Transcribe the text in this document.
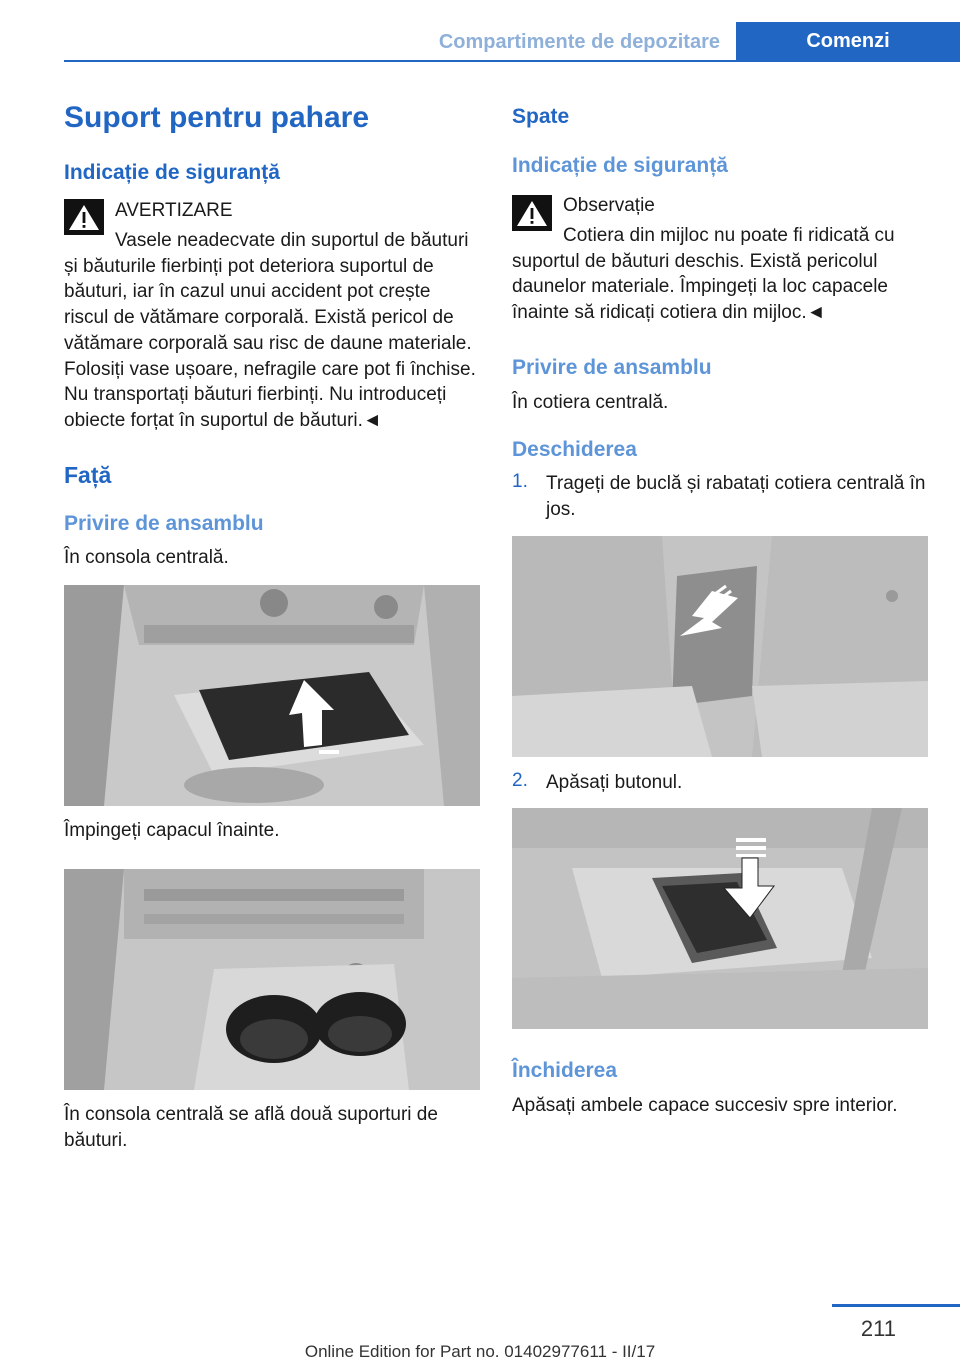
Compartimente de depozitare	Comenzi
Suport pentru pahare
Indicație de siguranță
AVERTIZARE

Vasele neadecvate din suportul de băuturi și băuturile fierbinți pot deteriora suportul de băuturi, iar în cazul unui accident pot crește riscul de vătămare corporală. Există pericol de vătămare corporală sau risc de daune materiale. Folosiți vase ușoare, nefragile care pot fi închise. Nu transportați băuturi fierbinți. Nu introduceți obiecte forțat în suportul de băuturi.◄

Față
Privire de ansamblu

În consola centrală.

Împingeți capacul înainte.

În consola centrală se află două suporturi de băuturi.

Spate
Indicație de siguranță
Observație

Cotiera din mijloc nu poate fi ridicată cu suportul de băuturi deschis. Există pericolul daunelor materiale. Împingeți la loc capacele înainte să ridicați cotiera din mijloc.◄

Privire de ansamblu

În cotiera centrală.

Deschiderea
1. Trageți de buclă și rabatați cotiera centrală în jos.

2. Apăsați butonul.

Închiderea

Apăsați ambele capace succesiv spre interior.

211
Online Edition for Part no. 01402977611 - II/17
